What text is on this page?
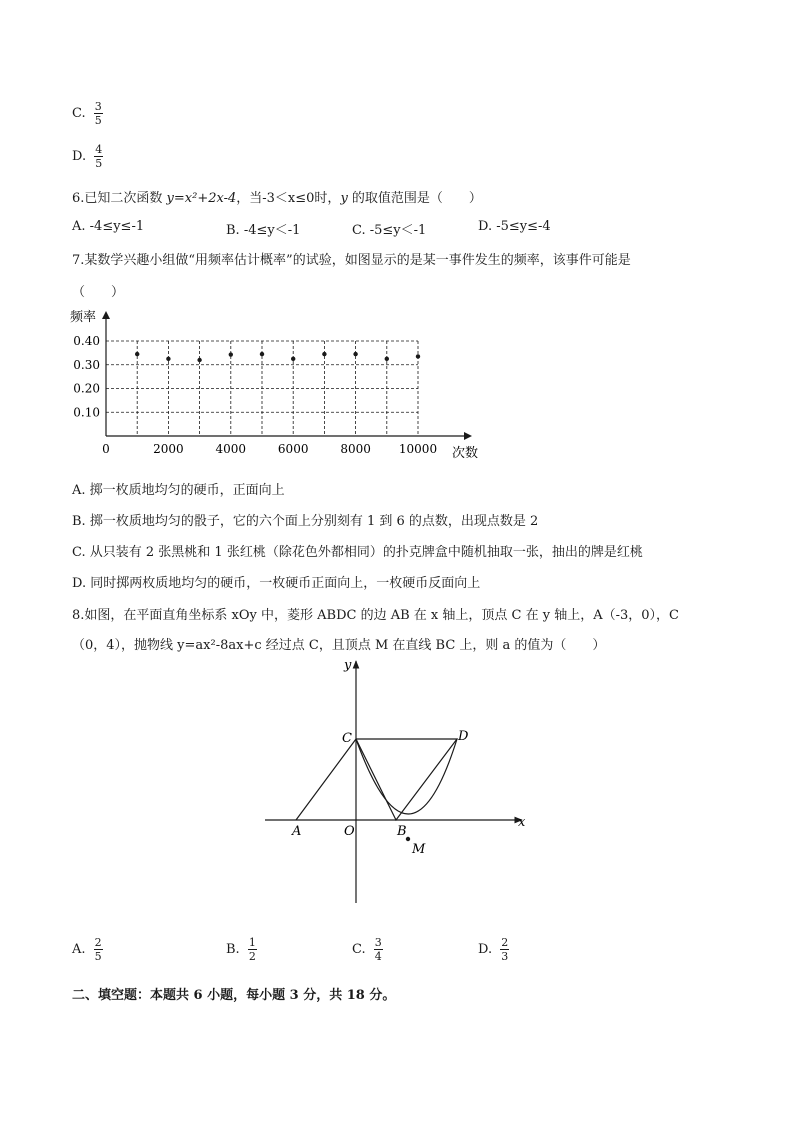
C. $\frac{3}{5}$
D. $\frac{4}{5}$
6.已知二次函数 y=x²+2x-4，当-3＜x≤0时，y 的取值范围是（　　）
A. -4≤y≤-1	B. -4≤y＜-1	C. -5≤y＜-1	D. -5≤y≤-4
7.某数学兴趣小组做“用频率估计概率”的试验，如图显示的是某一事件发生的频率，该事件可能是
（　　）
0.10
0.20
0.30
0.40
0	2000	4000	6000	8000 10000
频率
次数
A. 掷一枚质地均匀的硬币，正面向上
B. 掷一枚质地均匀的骰子，它的六个面上分别刻有 1 到 6 的点数，出现点数是 2
C. 从只装有 2 张黑桃和 1 张红桃（除花色外都相同）的扑克牌盒中随机抽取一张，抽出的牌是红桃
D. 同时掷两枚质地均匀的硬币，一枚硬币正面向上，一枚硬币反面向上
8.如图，在平面直角坐标系 xOy 中，菱形 ABDC 的边 AB 在 x 轴上，顶点 C 在 y 轴上，A（-3，0），C
（0，4），抛物线 y=ax²-8ax+c 经过点 C，且顶点 M 在直线 BC 上，则 a 的值为（　　）
y
x
C	D
A	O	B
M
A. $\frac{2}{5}$	B. $\frac{1}{2}$	C. $\frac{3}{4}$	D. $\frac{2}{3}$
二、填空题：本题共 6 小题，每小题 3 分，共 18 分。
